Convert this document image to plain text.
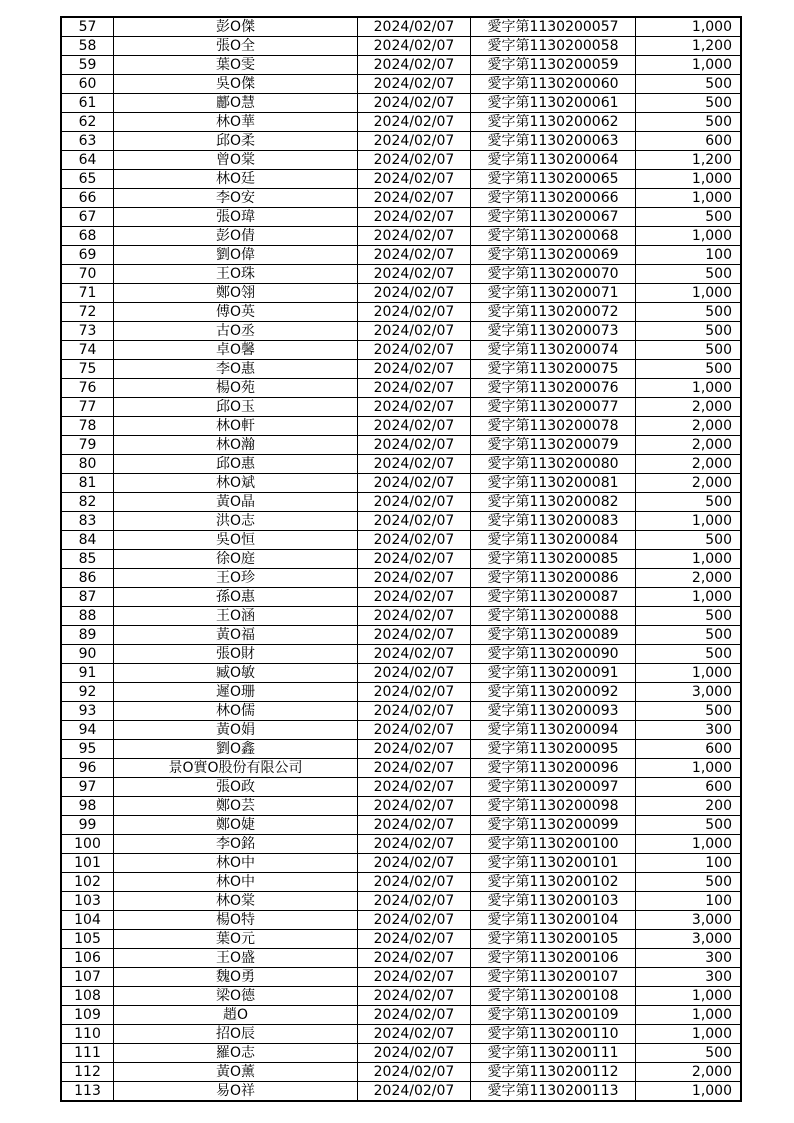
57	彭O傑	2024/02/07	愛字第1130200057	1,000
58	張O全	2024/02/07	愛字第1130200058	1,200
59	葉O雯	2024/02/07	愛字第1130200059	1,000
60	吳O傑	2024/02/07	愛字第1130200060	500
61	酈O慧	2024/02/07	愛字第1130200061	500
62	林O華	2024/02/07	愛字第1130200062	500
63	邱O柔	2024/02/07	愛字第1130200063	600
64	曾O棠	2024/02/07	愛字第1130200064	1,200
65	林O廷	2024/02/07	愛字第1130200065	1,000
66	李O安	2024/02/07	愛字第1130200066	1,000
67	張O瑋	2024/02/07	愛字第1130200067	500
68	彭O倩	2024/02/07	愛字第1130200068	1,000
69	劉O偉	2024/02/07	愛字第1130200069	100
70	王O珠	2024/02/07	愛字第1130200070	500
71	鄭O翎	2024/02/07	愛字第1130200071	1,000
72	傅O英	2024/02/07	愛字第1130200072	500
73	古O丞	2024/02/07	愛字第1130200073	500
74	卓O馨	2024/02/07	愛字第1130200074	500
75	李O惠	2024/02/07	愛字第1130200075	500
76	楊O苑	2024/02/07	愛字第1130200076	1,000
77	邱O玉	2024/02/07	愛字第1130200077	2,000
78	林O軒	2024/02/07	愛字第1130200078	2,000
79	林O瀚	2024/02/07	愛字第1130200079	2,000
80	邱O惠	2024/02/07	愛字第1130200080	2,000
81	林O斌	2024/02/07	愛字第1130200081	2,000
82	黃O晶	2024/02/07	愛字第1130200082	500
83	洪O志	2024/02/07	愛字第1130200083	1,000
84	吳O恒	2024/02/07	愛字第1130200084	500
85	徐O庭	2024/02/07	愛字第1130200085	1,000
86	王O珍	2024/02/07	愛字第1130200086	2,000
87	孫O惠	2024/02/07	愛字第1130200087	1,000
88	王O涵	2024/02/07	愛字第1130200088	500
89	黃O福	2024/02/07	愛字第1130200089	500
90	張O財	2024/02/07	愛字第1130200090	500
91	臧O敏	2024/02/07	愛字第1130200091	1,000
92	遲O珊	2024/02/07	愛字第1130200092	3,000
93	林O儒	2024/02/07	愛字第1130200093	500
94	黃O娟	2024/02/07	愛字第1130200094	300
95	劉O鑫	2024/02/07	愛字第1130200095	600
96	景O實O股份有限公司	2024/02/07	愛字第1130200096	1,000
97	張O政	2024/02/07	愛字第1130200097	600
98	鄭O芸	2024/02/07	愛字第1130200098	200
99	鄭O婕	2024/02/07	愛字第1130200099	500
100	李O銘	2024/02/07	愛字第1130200100	1,000
101	林O中	2024/02/07	愛字第1130200101	100
102	林O中	2024/02/07	愛字第1130200102	500
103	林O棠	2024/02/07	愛字第1130200103	100
104	楊O特	2024/02/07	愛字第1130200104	3,000
105	葉O元	2024/02/07	愛字第1130200105	3,000
106	王O盛	2024/02/07	愛字第1130200106	300
107	魏O勇	2024/02/07	愛字第1130200107	300
108	梁O德	2024/02/07	愛字第1130200108	1,000
109	趙O	2024/02/07	愛字第1130200109	1,000
110	招O辰	2024/02/07	愛字第1130200110	1,000
111	羅O志	2024/02/07	愛字第1130200111	500
112	黃O薰	2024/02/07	愛字第1130200112	2,000
113	易O祥	2024/02/07	愛字第1130200113	1,000
